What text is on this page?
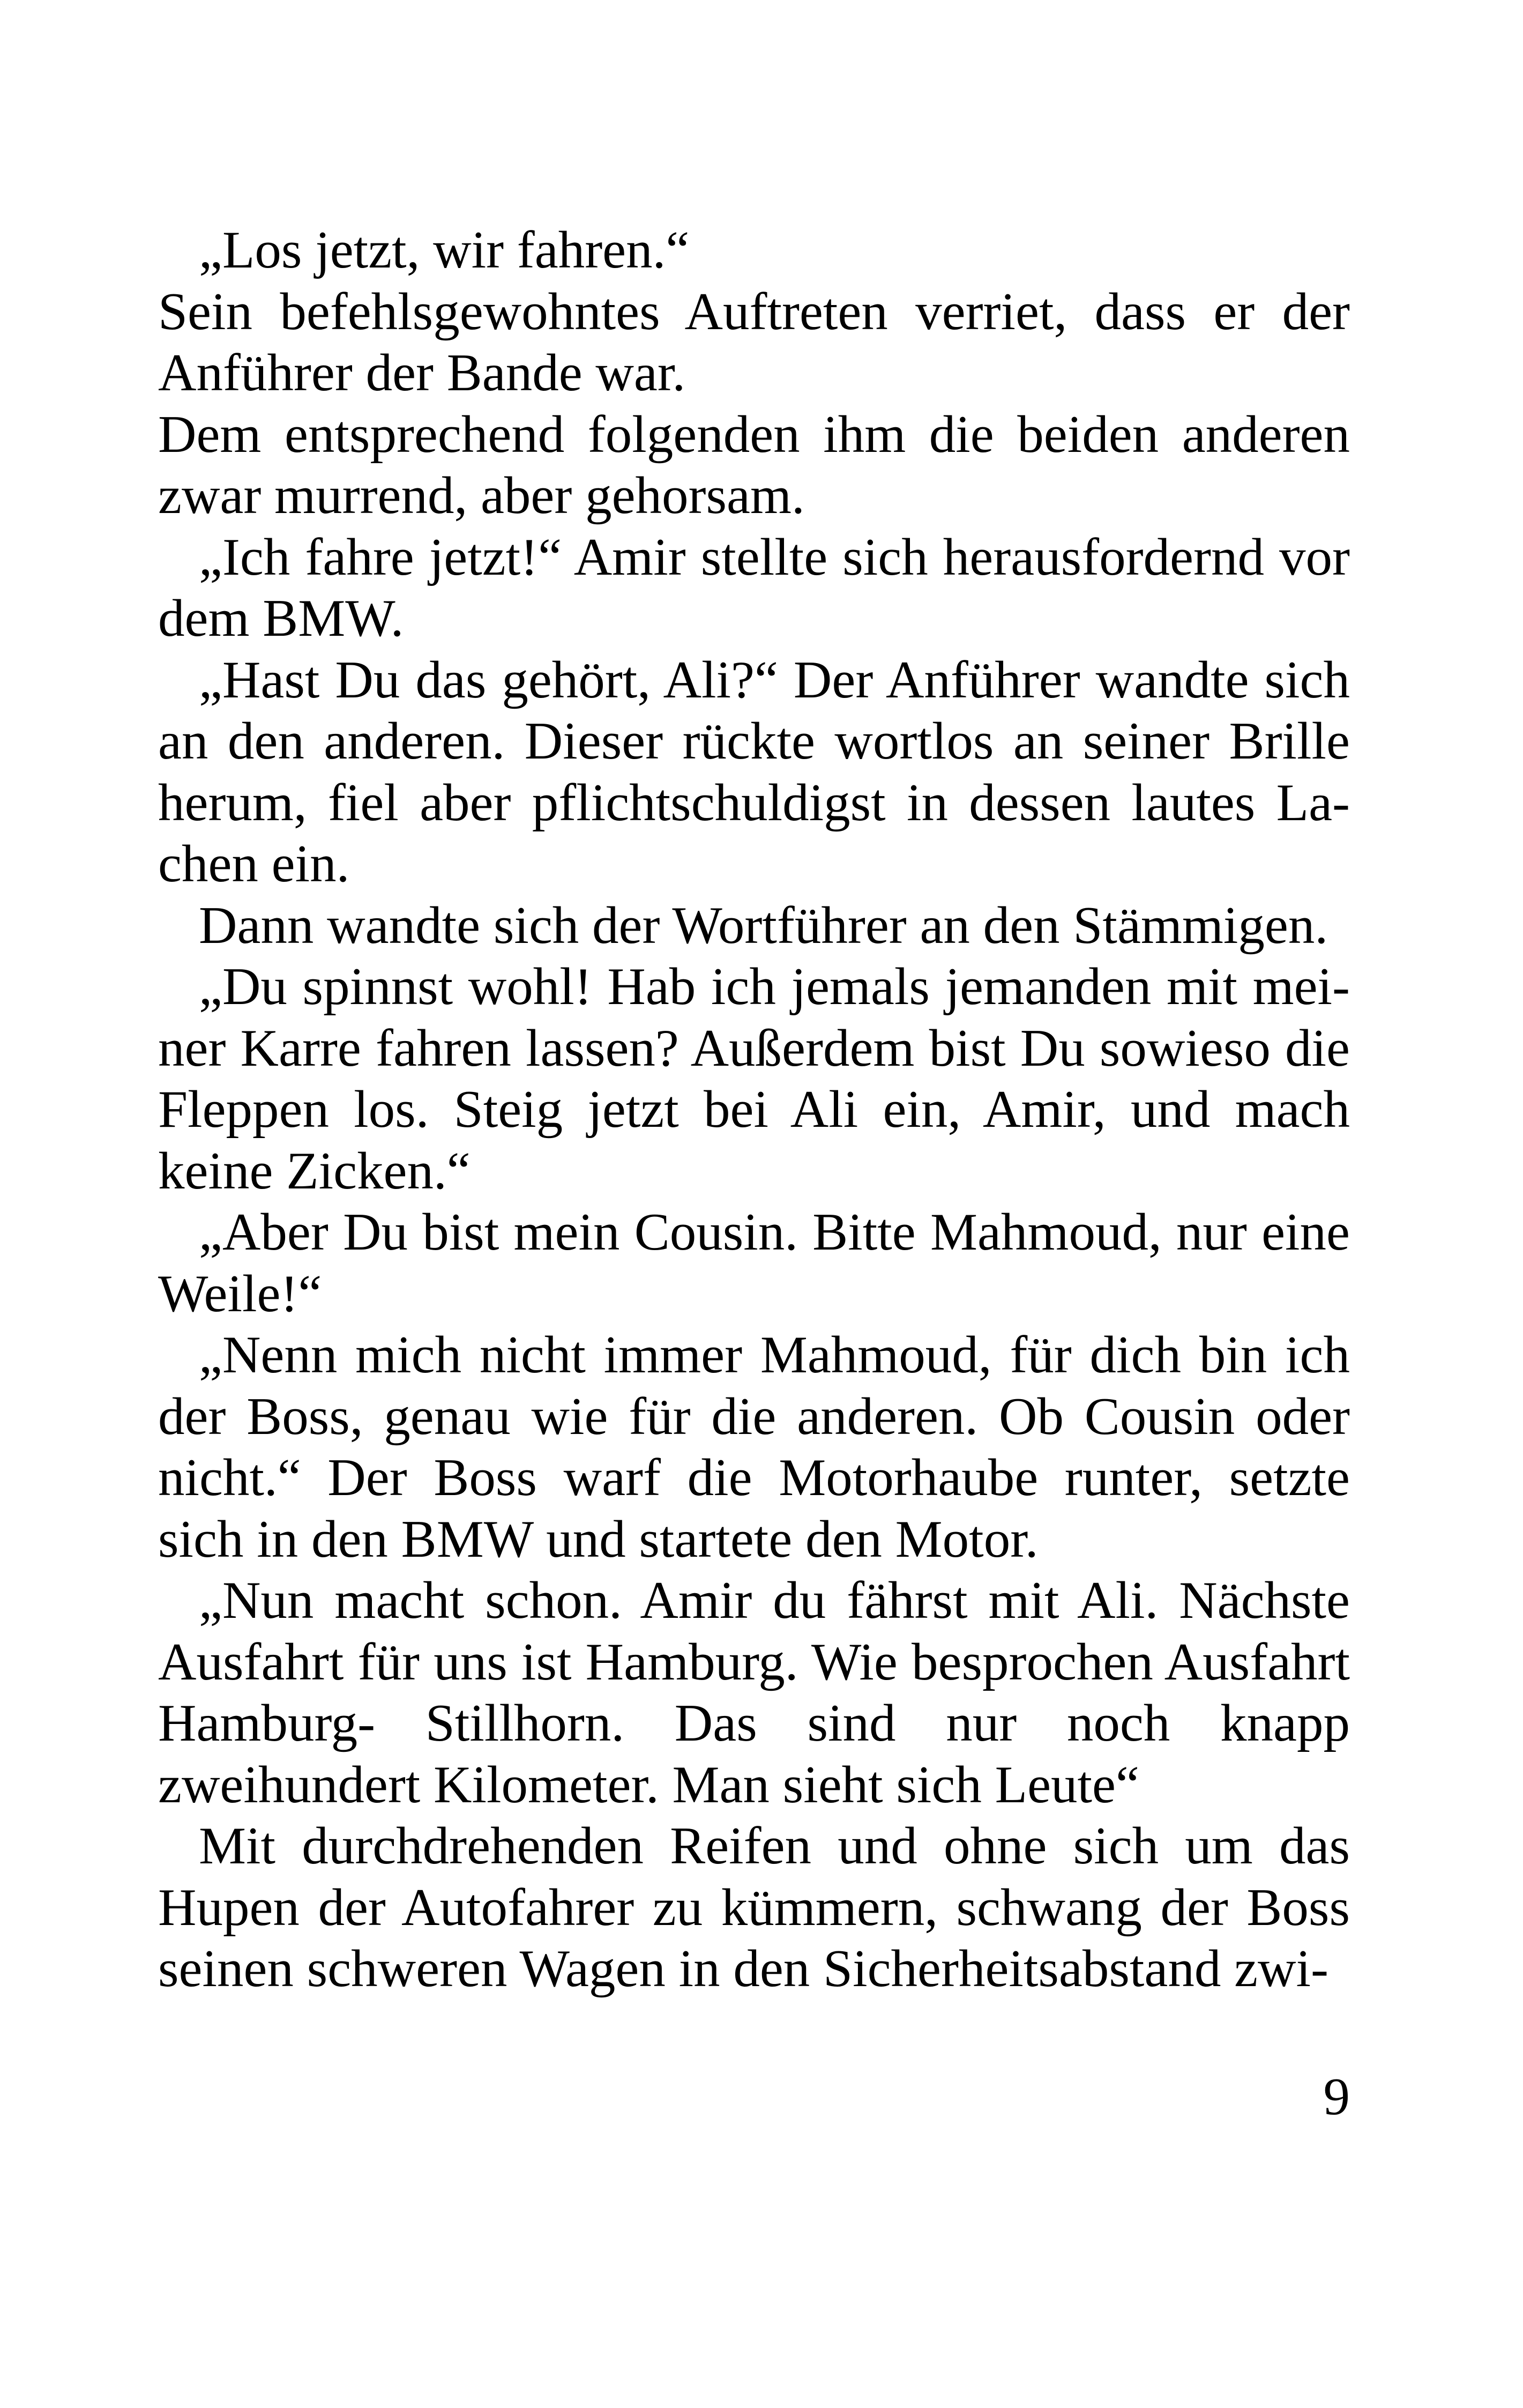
„Los jetzt, wir fahren.“

Sein befehlsgewohntes Auftreten verriet, dass er der Anführer der Bande war.

Dem entsprechend folgenden ihm die beiden anderen zwar murrend, aber gehorsam.

„Ich fahre jetzt!“ Amir stellte sich herausfordernd vor dem BMW.

„Hast Du das gehört, Ali?“ Der Anführer wandte sich an den anderen. Dieser rückte wortlos an seiner Brille herum, fiel aber pflichtschuldigst in dessen lautes Lachen ein.

Dann wandte sich der Wortführer an den Stämmigen.

„Du spinnst wohl! Hab ich jemals jemanden mit meiner Karre fahren lassen? Außerdem bist Du sowieso die Fleppen los. Steig jetzt bei Ali ein, Amir, und mach keine Zicken.“

„Aber Du bist mein Cousin. Bitte Mahmoud, nur eine Weile!“

„Nenn mich nicht immer Mahmoud, für dich bin ich der Boss, genau wie für die anderen. Ob Cousin oder nicht.“ Der Boss warf die Motorhaube runter, setzte sich in den BMW und startete den Motor.

„Nun macht schon. Amir du fährst mit Ali. Nächste Ausfahrt für uns ist Hamburg. Wie besprochen Ausfahrt Hamburg- Stillhorn. Das sind nur noch knapp zweihundert Kilometer. Man sieht sich Leute“

Mit durchdrehenden Reifen und ohne sich um das Hupen der Autofahrer zu kümmern, schwang der Boss seinen schweren Wagen in den Sicherheitsabstand zwi-

9
